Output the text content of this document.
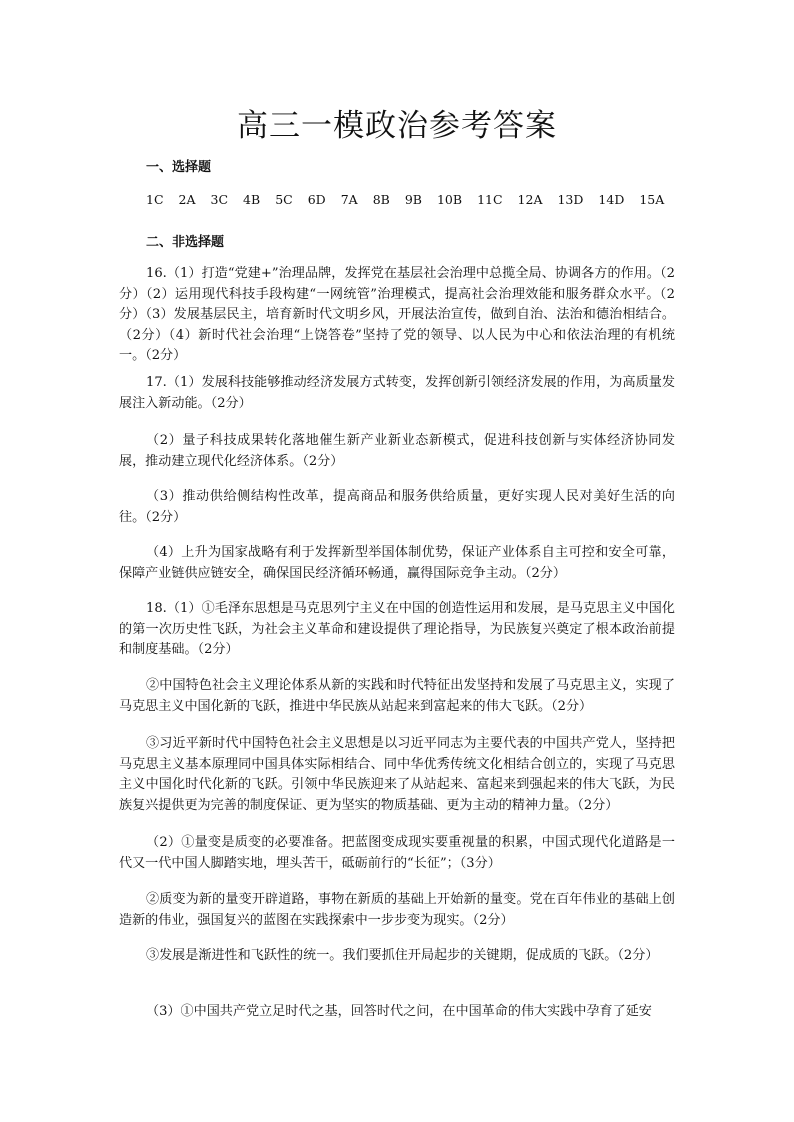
高三一模政治参考答案
一、选择题
1C 2A 3C 4B 5C 6D 7A 8B 9B 10B 11C 12A 13D 14D 15A
二、非选择题

16.（1）打造“党建+”治理品牌，发挥党在基层社会治理中总揽全局、协调各方的作用。（2分）（2）运用现代科技手段构建“一网统管”治理模式，提高社会治理效能和服务群众水平。（2分）（3）发展基层民主，培育新时代文明乡风，开展法治宣传，做到自治、法治和德治相结合。（2分）（4）新时代社会治理“上饶答卷”坚持了党的领导、以人民为中心和依法治理的有机统一。（2分）

17.（1）发展科技能够推动经济发展方式转变，发挥创新引领经济发展的作用，为高质量发展注入新动能。（2分）

（2）量子科技成果转化落地催生新产业新业态新模式，促进科技创新与实体经济协同发展，推动建立现代化经济体系。（2分）

（3）推动供给侧结构性改革，提高商品和服务供给质量，更好实现人民对美好生活的向往。（2分）

（4）上升为国家战略有利于发挥新型举国体制优势，保证产业体系自主可控和安全可靠，保障产业链供应链安全，确保国民经济循环畅通，赢得国际竞争主动。（2分）

18.（1）①毛泽东思想是马克思列宁主义在中国的创造性运用和发展，是马克思主义中国化的第一次历史性飞跃，为社会主义革命和建设提供了理论指导，为民族复兴奠定了根本政治前提和制度基础。（2分）

②中国特色社会主义理论体系从新的实践和时代特征出发坚持和发展了马克思主义，实现了马克思主义中国化新的飞跃，推进中华民族从站起来到富起来的伟大飞跃。（2分）

③习近平新时代中国特色社会主义思想是以习近平同志为主要代表的中国共产党人，坚持把马克思主义基本原理同中国具体实际相结合、同中华优秀传统文化相结合创立的，实现了马克思主义中国化时代化新的飞跃。引领中华民族迎来了从站起来、富起来到强起来的伟大飞跃，为民族复兴提供更为完善的制度保证、更为坚实的物质基础、更为主动的精神力量。（2分）

（2）①量变是质变的必要准备。把蓝图变成现实要重视量的积累，中国式现代化道路是一代又一代中国人脚踏实地，埋头苦干，砥砺前行的“长征”；（3分）

②质变为新的量变开辟道路，事物在新质的基础上开始新的量变。党在百年伟业的基础上创造新的伟业，强国复兴的蓝图在实践探索中一步步变为现实。（2分）

③发展是渐进性和飞跃性的统一。我们要抓住开局起步的关键期，促成质的飞跃。（2分）

（3）①中国共产党立足时代之基，回答时代之问，在中国革命的伟大实践中孕育了延安
